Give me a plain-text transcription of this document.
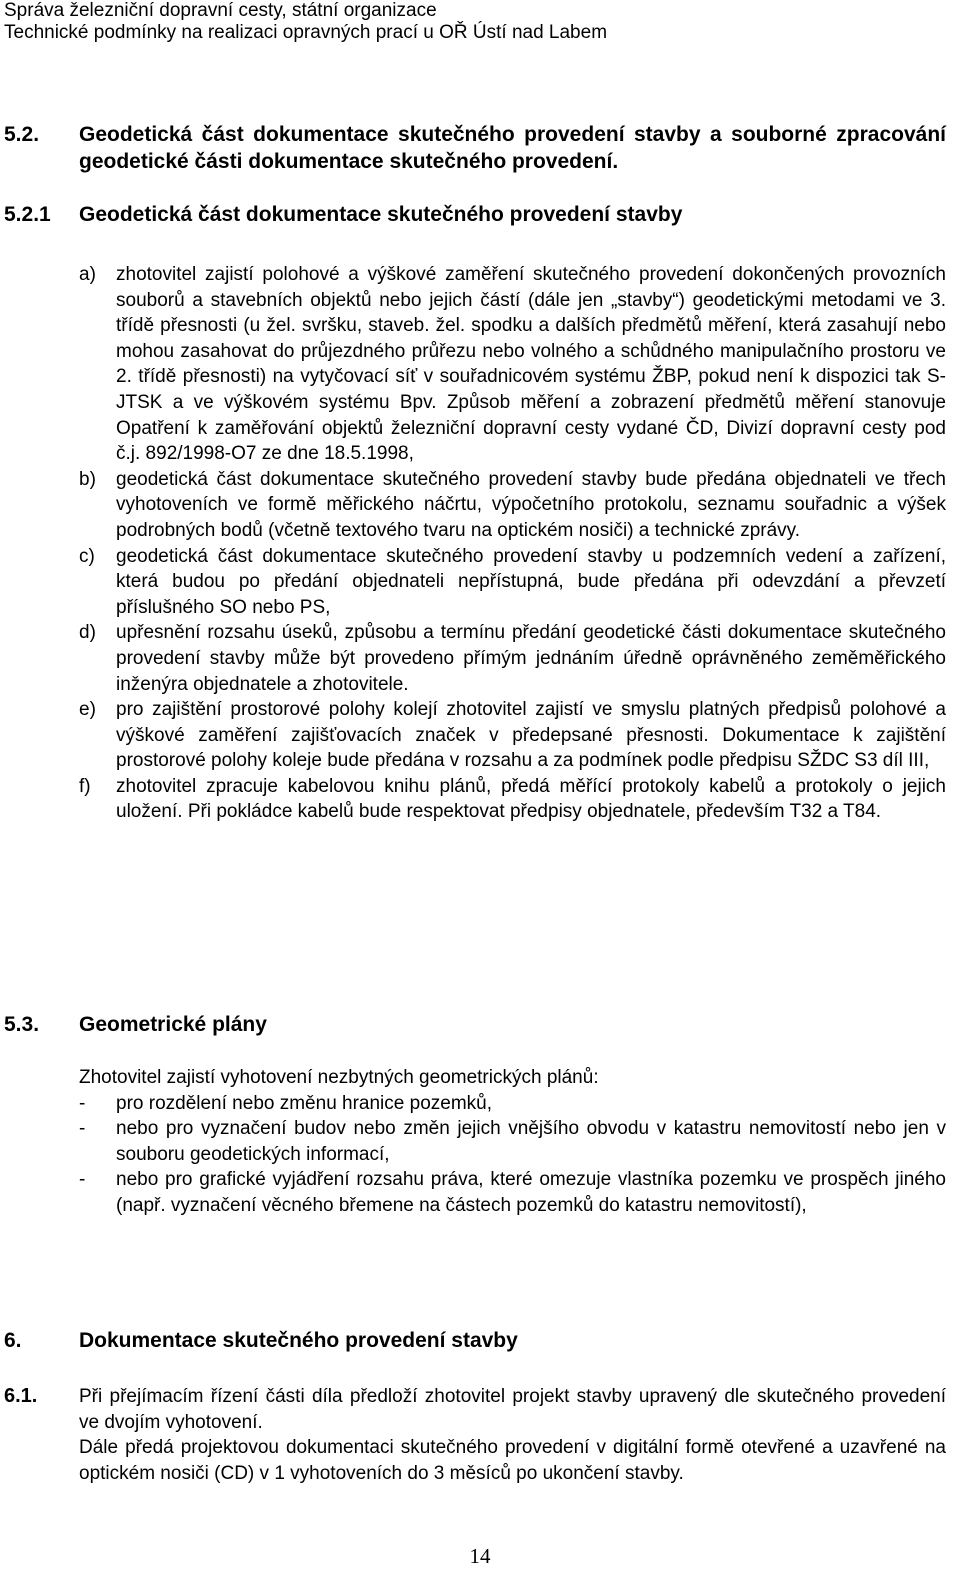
Správa železniční dopravní cesty, státní organizace
Technické podmínky na realizaci opravných prací u OŘ Ústí nad Labem
5.2. Geodetická část dokumentace skutečného provedení stavby a souborné zpracování geodetické části dokumentace skutečného provedení.
5.2.1 Geodetická část dokumentace skutečného provedení stavby
a) zhotovitel zajistí polohové a výškové zaměření skutečného provedení dokončených provozních souborů a stavebních objektů nebo jejich částí (dále jen „stavby“) geodetickými metodami ve 3. třídě přesnosti (u žel. svršku, staveb. žel. spodku a dalších předmětů měření, která zasahují nebo mohou zasahovat do průjezdného průřezu nebo volného a schůdného manipulačního prostoru ve 2. třídě přesnosti) na vytyčovací síť v souřadnicovém systému ŽBP, pokud není k dispozici tak S-JTSK a ve výškovém systému Bpv. Způsob měření a zobrazení předmětů měření stanovuje Opatření k zaměřování objektů železniční dopravní cesty vydané ČD, Divizí dopravní cesty pod č.j. 892/1998-O7 ze dne 18.5.1998,
b) geodetická část dokumentace skutečného provedení stavby bude předána objednateli ve třech vyhotoveních ve formě měřického náčrtu, výpočetního protokolu, seznamu souřadnic a výšek podrobných bodů (včetně textového tvaru na optickém nosiči) a technické zprávy.
c) geodetická část dokumentace skutečného provedení stavby u podzemních vedení a zařízení, která budou po předání objednateli nepřístupná, bude předána při odevzdání a převzetí příslušného SO nebo PS,
d) upřesnění rozsahu úseků, způsobu a termínu předání geodetické části dokumentace skutečného provedení stavby může být provedeno přímým jednáním úředně oprávněného zeměměřického inženýra objednatele a zhotovitele.
e) pro zajištění prostorové polohy kolejí zhotovitel zajistí ve smyslu platných předpisů polohové a výškové zaměření zajišťovacích značek v předepsané přesnosti. Dokumentace k zajištění prostorové polohy koleje bude předána v rozsahu a za podmínek podle předpisu SŽDC S3 díl III,
f) zhotovitel zpracuje kabelovou knihu plánů, předá měřící protokoly kabelů a protokoly o jejich uložení. Při pokládce kabelů bude respektovat předpisy objednatele, především T32 a T84.
5.3. Geometrické plány
Zhotovitel zajistí vyhotovení nezbytných geometrických plánů:
- pro rozdělení nebo změnu hranice pozemků,
- nebo pro vyznačení budov nebo změn jejich vnějšího obvodu v katastru nemovitostí nebo jen v souboru geodetických informací,
- nebo pro grafické vyjádření rozsahu práva, které omezuje vlastníka pozemku ve prospěch jiného (např. vyznačení věcného břemene na částech pozemků do katastru nemovitostí),
6.	Dokumentace skutečného provedení stavby
6.1. Při přejímacím řízení části díla předloží zhotovitel projekt stavby upravený dle skutečného provedení ve dvojím vyhotovení.
Dále předá projektovou dokumentaci skutečného provedení v digitální formě otevřené a uzavřené na optickém nosiči (CD) v 1 vyhotoveních do 3 měsíců po ukončení stavby.
14
